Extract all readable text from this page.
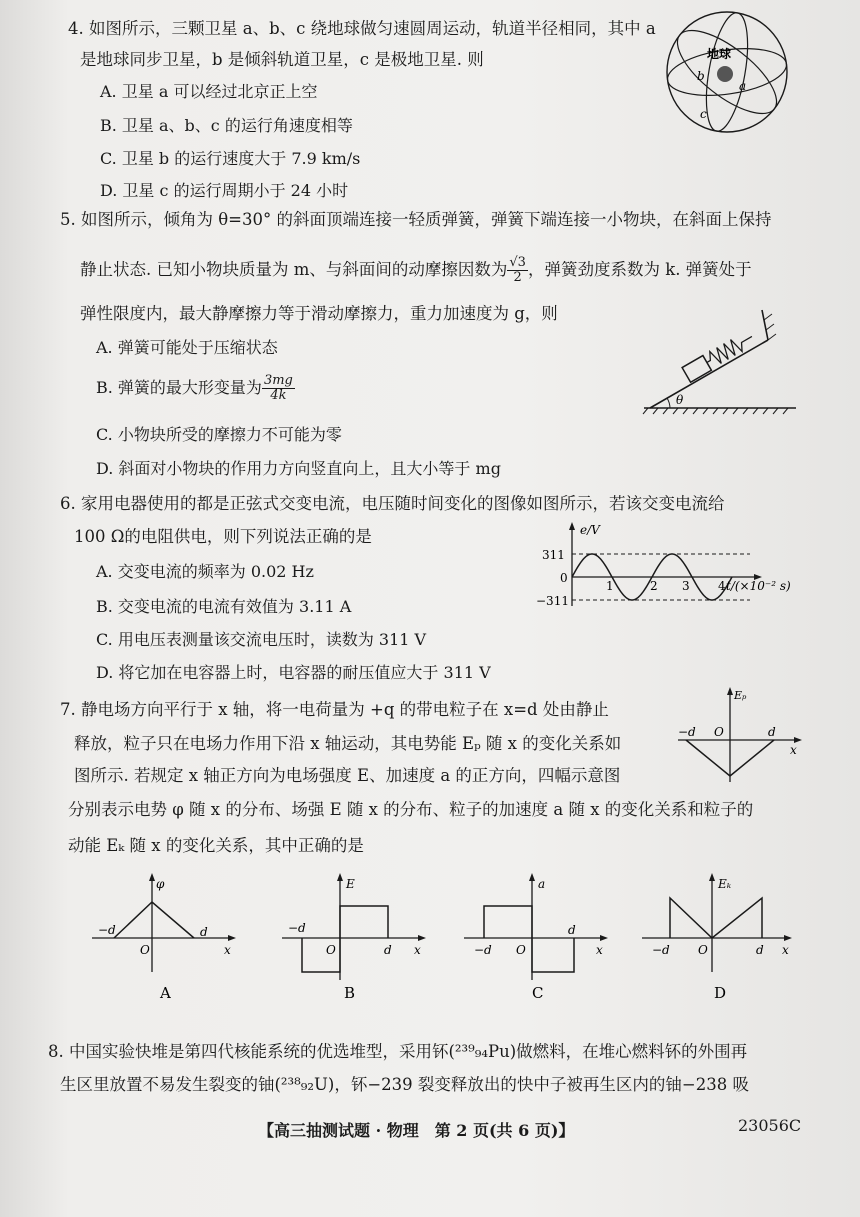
4. 如图所示，三颗卫星 a、b、c 绕地球做匀速圆周运动，轨道半径相同，其中 a
是地球同步卫星，b 是倾斜轨道卫星，c 是极地卫星. 则
A. 卫星 a 可以经过北京正上空
B. 卫星 a、b、c 的运行角速度相等
C. 卫星 b 的运行速度大于 7.9 km/s
D. 卫星 c 的运行周期小于 24 小时
地球
a
b
c
5. 如图所示，倾角为 θ=30° 的斜面顶端连接一轻质弹簧，弹簧下端连接一小物块，在斜面上保持
静止状态. 已知小物块质量为 m、与斜面间的动摩擦因数为 $\frac{√3}{2}$ ，弹簧劲度系数为 k. 弹簧处于
弹性限度内，最大静摩擦力等于滑动摩擦力，重力加速度为 g，则
A. 弹簧可能处于压缩状态
B. 弹簧的最大形变量为 $\frac{3mg}{4k}$
C. 小物块所受的摩擦力不可能为零
D. 斜面对小物块的作用力方向竖直向上，且大小等于 mg
θ
6. 家用电器使用的都是正弦式交变电流，电压随时间变化的图像如图所示，若该交变电流给
100 Ω的电阻供电，则下列说法正确的是
A. 交变电流的频率为 0.02 Hz
B. 交变电流的电流有效值为 3.11 A
C. 用电压表测量该交流电压时，读数为 311 V
D. 将它加在电容器上时，电容器的耐压值应大于 311 V
e/V
311
0
−311
1	2 3 4 t/(×10⁻² s)
7. 静电场方向平行于 x 轴，将一电荷量为 +q 的带电粒子在 x=d 处由静止
释放，粒子只在电场力作用下沿 x 轴运动，其电势能 Eₚ 随 x 的变化关系如
图所示. 若规定 x 轴正方向为电场强度 E、加速度 a 的正方向，四幅示意图
分别表示电势 φ 随 x 的分布、场强 E 随 x 的分布、粒子的加速度 a 随 x 的变化关系和粒子的
动能 Eₖ 随 x 的变化关系，其中正确的是
Eₚ
−d O	d
x
φ
−d
O
d
x
A
E
−d
O	d x
B
a
−d O
d
x
C
Eₖ
−d O	d x
D
8. 中国实验快堆是第四代核能系统的优选堆型，采用钚(²³⁹₉₄Pu)做燃料，在堆心燃料钚的外围再
生区里放置不易发生裂变的铀(²³⁸₉₂U)，钚−239 裂变释放出的快中子被再生区内的铀−238 吸
【高三抽测试题 · 物理　第 2 页(共 6 页)】	23056C
